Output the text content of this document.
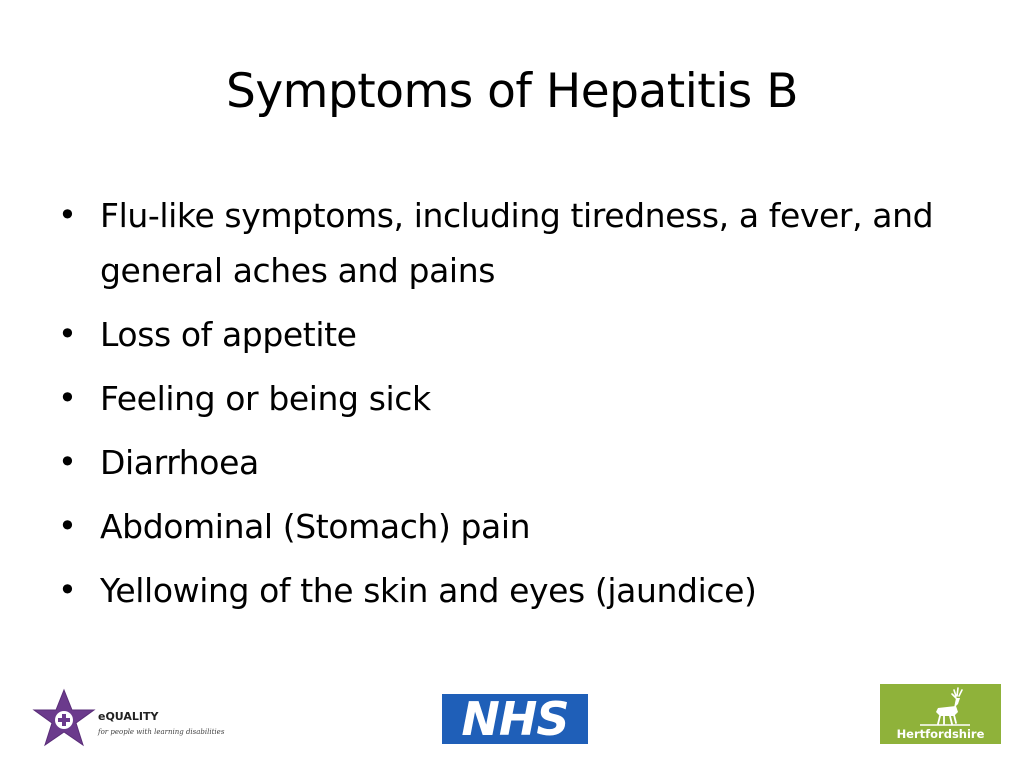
Symptoms of Hepatitis B
• Flu-like symptoms, including tiredness, a fever, and general aches and pains
• Loss of appetite
• Feeling or being sick
• Diarrhoea
• Abdominal (Stomach) pain
• Yellowing of the skin and eyes (jaundice)
eQUALITY
for people with learning disabilities	NHS	Hertfordshire
